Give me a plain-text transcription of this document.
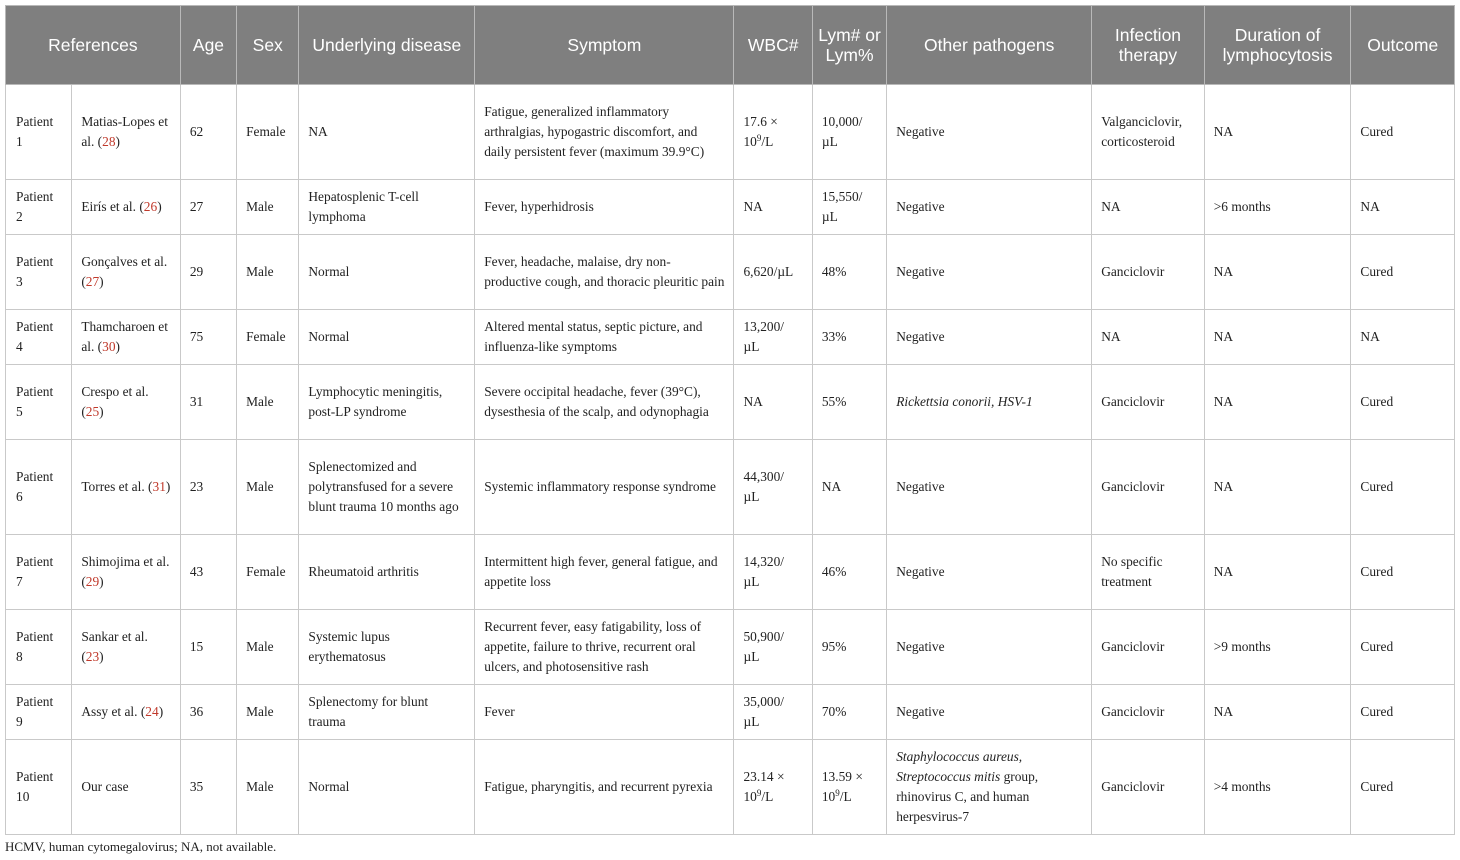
References		Age	Sex	Underlying disease	Symptom	WBC#	Lym# or Lym%	Other pathogens	Infection therapy	Duration of lymphocytosis	Outcome
Patient 1	Matias-Lopes et al. (28)	62	Female	NA	Fatigue, generalized inflammatory arthralgias, hypogastric discomfort, and daily persistent fever (maximum 39.9°C)	$17.6 \times 10^9/L$	10,000/ µL	Negative	Valganciclovir, corticosteroid	NA	Cured
Patient 2	Eirís et al. (26)	27	Male	Hepatosplenic T-cell lymphoma	Fever, hyperhidrosis	NA	15,550/ µL	Negative	NA	>6 months	NA
Patient 3	Gonçalves et al. (27)	29	Male	Normal	Fever, headache, malaise, dry non-productive cough, and thoracic pleuritic pain	6,620/µL	48%	Negative	Ganciclovir	NA	Cured
Patient 4	Thamcharoen et al. (30)	75	Female	Normal	Altered mental status, septic picture, and influenza-like symptoms	13,200/ µL	33%	Negative	NA	NA	NA
Patient 5	Crespo et al. (25)	31	Male	Lymphocytic meningitis, post-LP syndrome	Severe occipital headache, fever (39°C), dysesthesia of the scalp, and odynophagia	NA	55%	Rickettsia conorii, HSV-1	Ganciclovir	NA	Cured
Patient 6	Torres et al. (31)	23	Male	Splenectomized and polytransfused for a severe blunt trauma 10 months ago	Systemic inflammatory response syndrome	44,300/ µL	NA	Negative	Ganciclovir	NA	Cured
Patient 7	Shimojima et al. (29)	43	Female	Rheumatoid arthritis	Intermittent high fever, general fatigue, and appetite loss	14,320/ µL	46%	Negative	No specific treatment	NA	Cured
Patient 8	Sankar et al. (23)	15	Male	Systemic lupus erythematosus	Recurrent fever, easy fatigability, loss of appetite, failure to thrive, recurrent oral ulcers, and photosensitive rash	50,900/ µL	95%	Negative	Ganciclovir	>9 months	Cured
Patient 9	Assy et al. (24)	36	Male	Splenectomy for blunt trauma	Fever	35,000/ µL	70%	Negative	Ganciclovir	NA	Cured
Patient 10	Our case	35	Male	Normal	Fatigue, pharyngitis, and recurrent pyrexia	$23.14 \times 10^9/L$	$13.59 \times 10^9/L$	Staphylococcus aureus, Streptococcus mitis group, rhinovirus C, and human herpesvirus-7	Ganciclovir	>4 months	Cured
HCMV, human cytomegalovirus; NA, not available.
